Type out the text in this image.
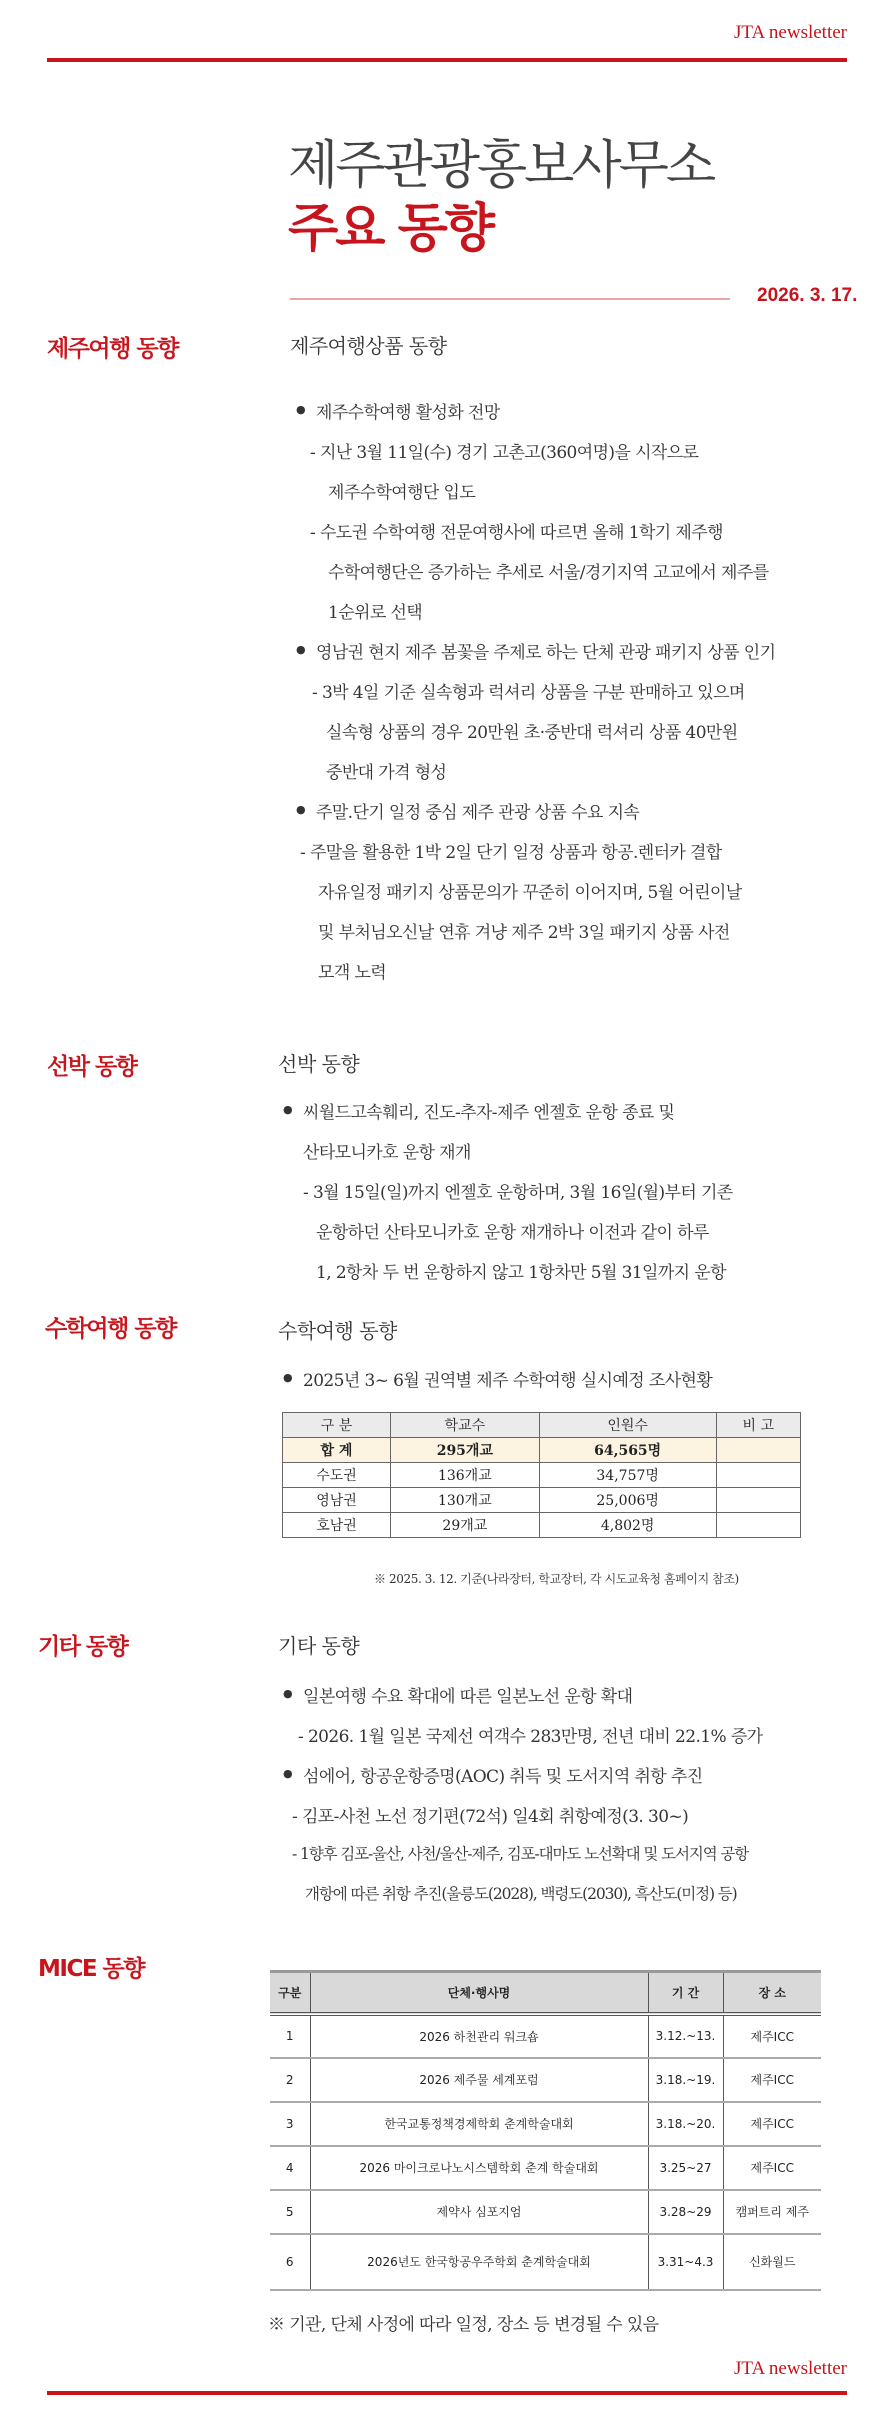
JTA newsletter
제주관광홍보사무소
주요 동향
2026. 3. 17.
제주여행 동향	제주여행상품 동향
● 제주수학여행 활성화 전망
- 지난 3월 11일(수) 경기 고촌고(360여명)을 시작으로
제주수학여행단 입도
- 수도권 수학여행 전문여행사에 따르면 올해 1학기 제주행
수학여행단은 증가하는 추세로 서울/경기지역 고교에서 제주를
1순위로 선택
● 영남권 현지 제주 봄꽃을 주제로 하는 단체 관광 패키지 상품 인기
- 3박 4일 기준 실속형과 럭셔리 상품을 구분 판매하고 있으며
실속형 상품의 경우 20만원 초·중반대 럭셔리 상품 40만원
중반대 가격 형성
● 주말.단기 일정 중심 제주 관광 상품 수요 지속
- 주말을 활용한 1박 2일 단기 일정 상품과 항공.렌터카 결합
자유일정 패키지 상품문의가 꾸준히 이어지며, 5월 어린이날
및 부처님오신날 연휴 겨냥 제주 2박 3일 패키지 상품 사전
모객 노력
선박 동향	선박 동향
● 씨월드고속훼리, 진도-추자-제주 엔젤호 운항 종료 및
산타모니카호 운항 재개
- 3월 15일(일)까지 엔젤호 운항하며, 3월 16일(월)부터 기존
운항하던 산타모니카호 운항 재개하나 이전과 같이 하루
1, 2항차 두 번 운항하지 않고 1항차만 5월 31일까지 운항
수학여행 동향	수학여행 동향
● 2025년 3~ 6월 권역별 제주 수학여행 실시예정 조사현황
구 분	학교수	인원수	비 고
합 계	295개교	64,565명	
수도권	136개교	34,757명	
영남권	130개교	25,006명	
호남권	29개교	4,802명	
※ 2025. 3. 12. 기준(나라장터, 학교장터, 각 시도교육청 홈페이지 참조)
기타 동향	기타 동향
● 일본여행 수요 확대에 따른 일본노선 운항 확대
- 2026. 1월 일본 국제선 여객수 283만명, 전년 대비 22.1% 증가
● 섬에어, 항공운항증명(AOC) 취득 및 도서지역 취항 추진
- 김포-사천 노선 정기편(72석) 일4회 취항예정(3. 30~)
- 1향후 김포-울산, 사천/울산-제주, 김포-대마도 노선확대 및 도서지역 공항
개항에 따른 취항 추진(울릉도(2028), 백령도(2030), 흑산도(미정) 등)
MICE 동향
구분	단체·행사명	기 간	장 소
1	2026 하천관리 워크숍	3.12.~13.	제주ICC
2	2026 제주물 세계포럼	3.18.~19.	제주ICC
3	한국교통정책경제학회 춘계학술대회	3.18.~20.	제주ICC
4	2026 마이크로나노시스템학회 춘계 학술대회	3.25~27	제주ICC
5	제약사 심포지엄	3.28~29	캠퍼트리 제주
6	2026년도 한국항공우주학회 춘계학술대회	3.31~4.3	신화월드
※ 기관, 단체 사정에 따라 일정, 장소 등 변경될 수 있음
JTA newsletter
